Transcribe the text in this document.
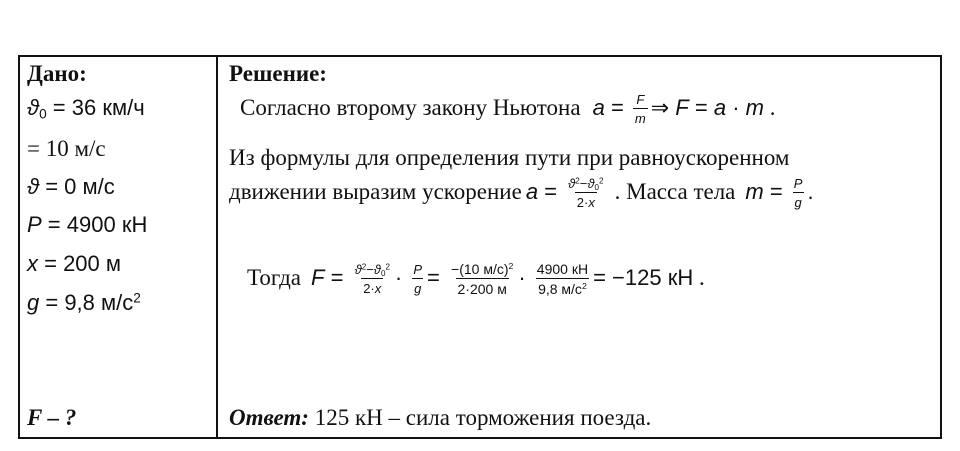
Дано:
$ϑ_0 = 36$ км/ч
= 10 м/с
ϑ = 0 м/с
P = 4900 кН
x = 200 м
g = 9,8 $м/с^2$
F – ?
Решение:
Согласно второму закону Ньютона $a = \frac{F}{m}$ ⇒ F = a · m .
Из формулы для определения пути при равноускоренном
движении выразим ускорение $a = \frac{ϑ^2-ϑ_0^2}{2\cdot x}$ . Масса тела $m = \frac{P}{g}$ .
Тогда $F = \frac{ϑ^2-ϑ_0^2}{2\cdot x} \cdot \frac{P}{g} = \frac{-(10 м/с)^2}{2\cdot 200 м} \cdot \frac{4900 кН}{9,8 м/с^2} = -125$ кН .
Ответ: 125 кН – сила торможения поезда.
